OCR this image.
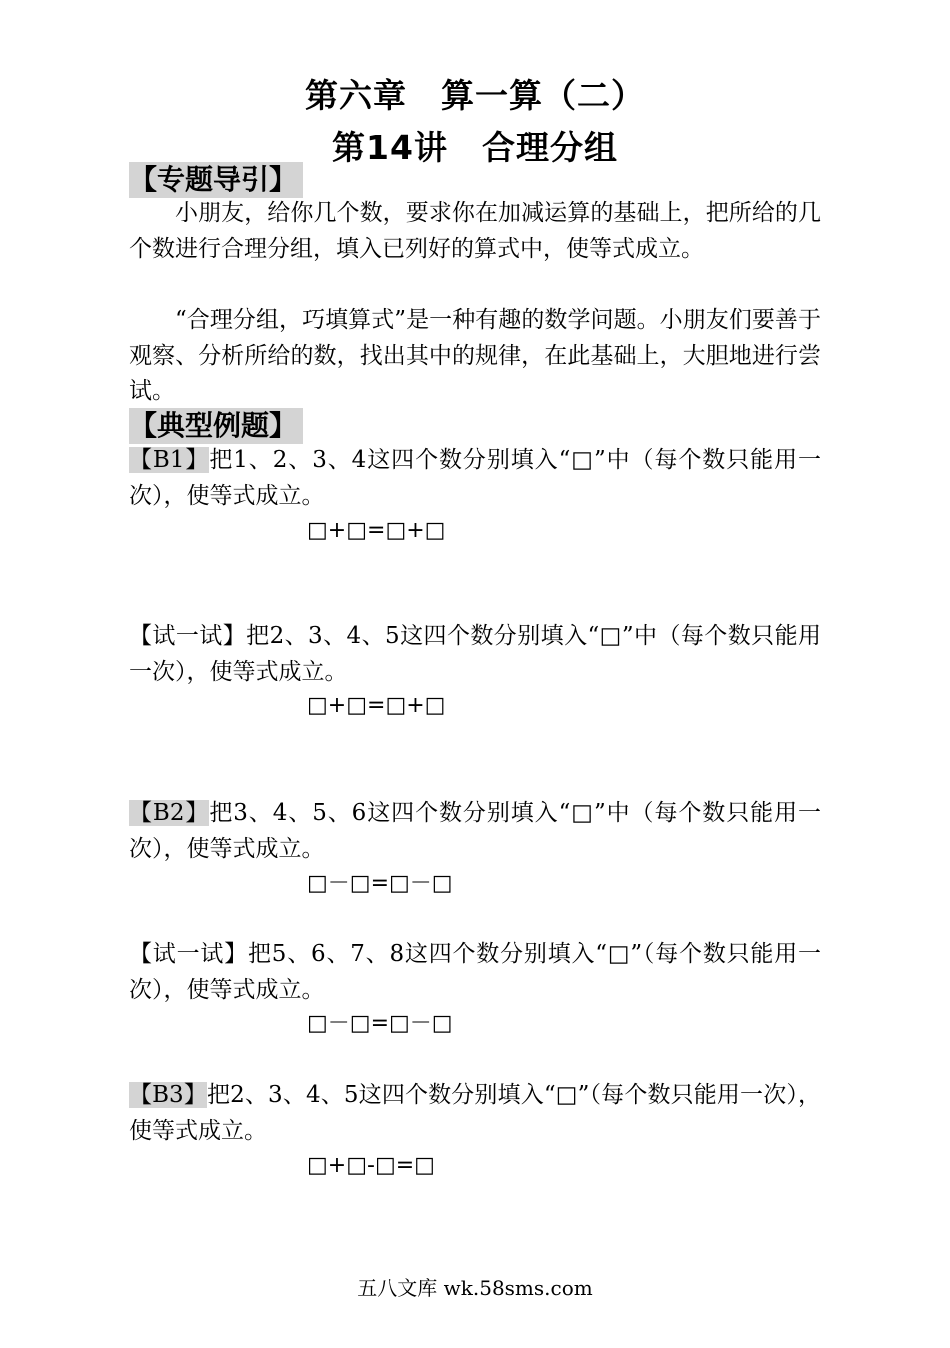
第六章　算一算（二）
第14讲　合理分组
【专题导引】
小朋友，给你几个数，要求你在加减运算的基础上，把所给的几个数进行合理分组，填入已列好的算式中，使等式成立。
“合理分组，巧填算式”是一种有趣的数学问题。小朋友们要善于观察、分析所给的数，找出其中的规律，在此基础上，大胆地进行尝试。
【典型例题】
【B1】把1、2、3、4这四个数分别填入“□”中（每个数只能用一次），使等式成立。
□+□=□+□
【试一试】把2、3、4、5这四个数分别填入“□”中（每个数只能用一次），使等式成立。
□+□=□+□
【B2】把3、4、5、6这四个数分别填入“□”中（每个数只能用一次），使等式成立。
□－□=□－□
【试一试】把5、6、7、8这四个数分别填入“□”（每个数只能用一次），使等式成立。
□－□=□－□
【B3】把2、3、4、5这四个数分别填入“□”（每个数只能用一次），使等式成立。
□+□-□=□
五八文库 wk.58sms.com
